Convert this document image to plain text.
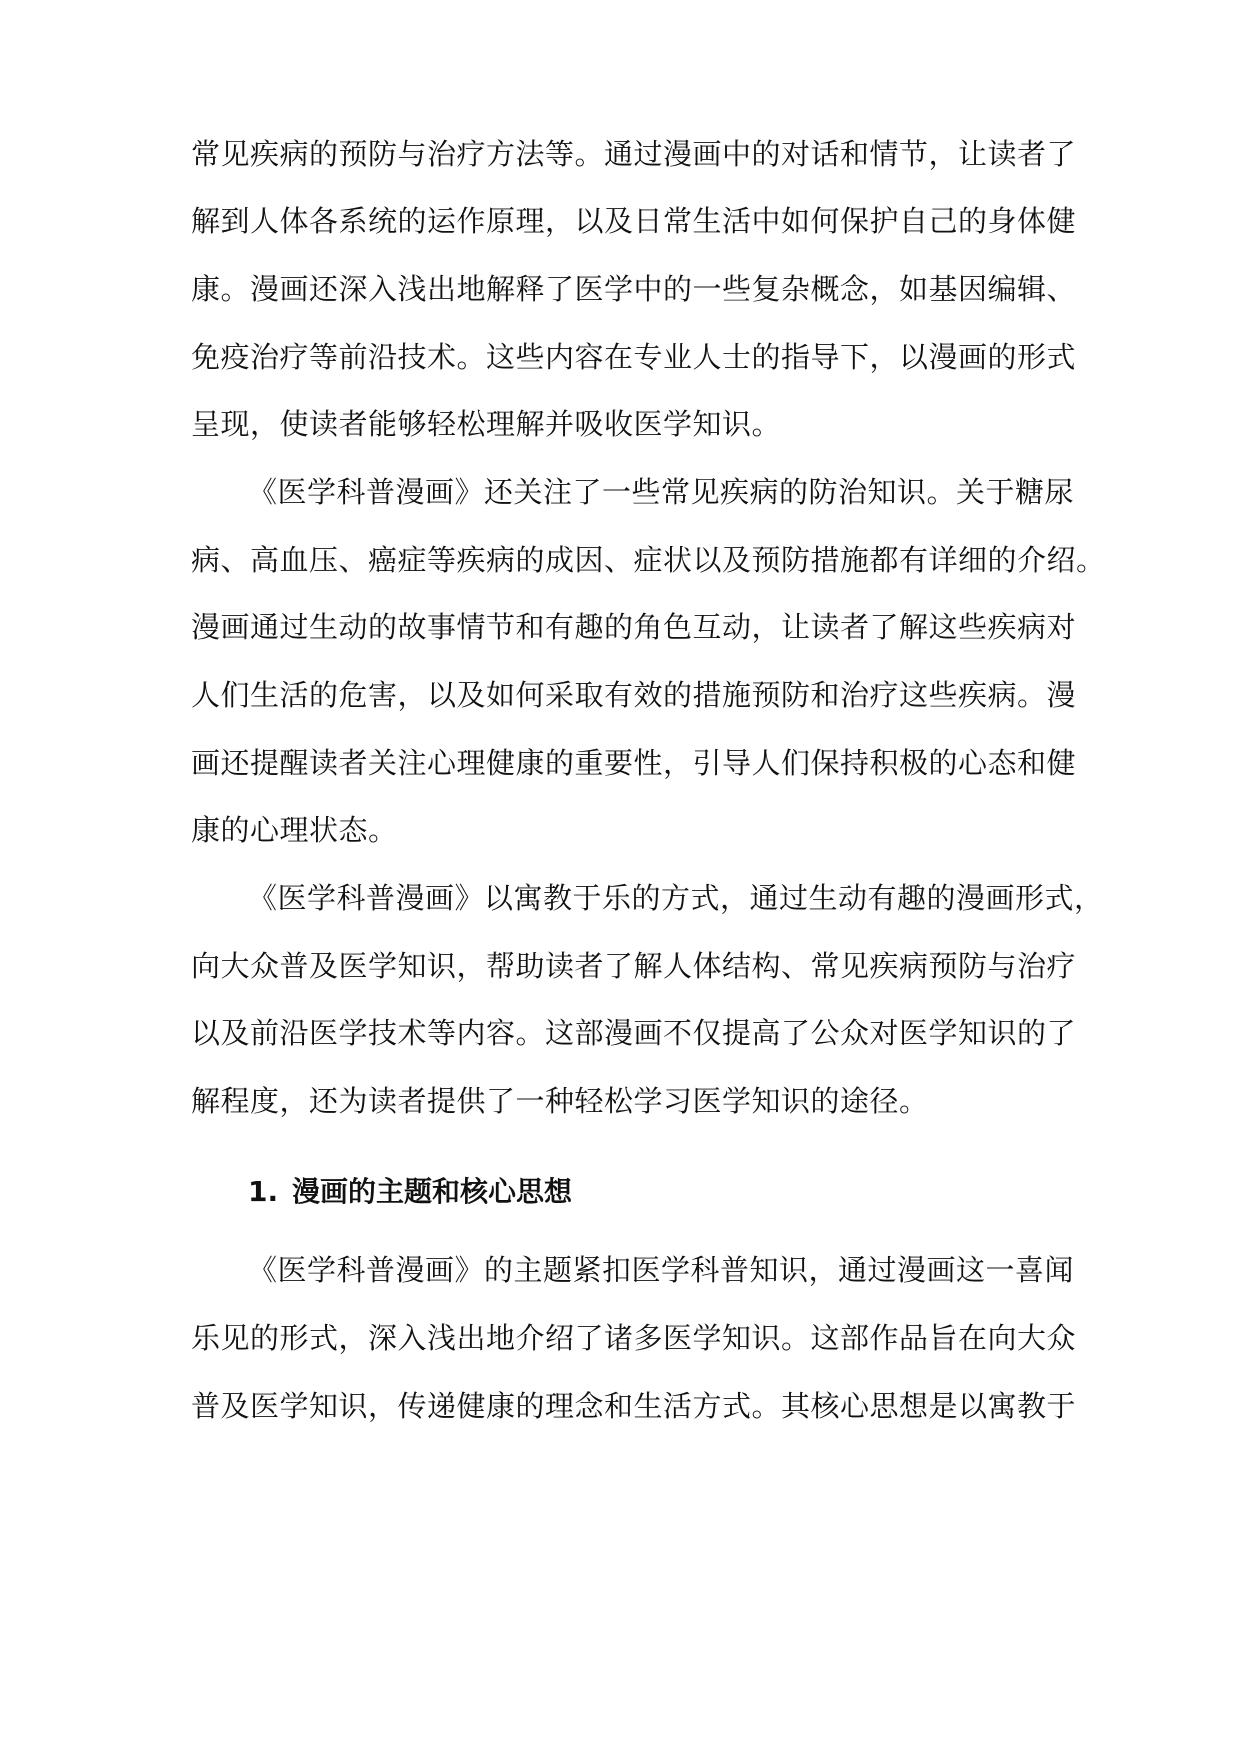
常见疾病的预防与治疗方法等。通过漫画中的对话和情节，让读者了
解到人体各系统的运作原理，以及日常生活中如何保护自己的身体健
康。漫画还深入浅出地解释了医学中的一些复杂概念，如基因编辑、
免疫治疗等前沿技术。这些内容在专业人士的指导下，以漫画的形式
呈现，使读者能够轻松理解并吸收医学知识。
《医学科普漫画》还关注了一些常见疾病的防治知识。关于糖尿
病、高血压、癌症等疾病的成因、症状以及预防措施都有详细的介绍。
漫画通过生动的故事情节和有趣的角色互动，让读者了解这些疾病对
人们生活的危害，以及如何采取有效的措施预防和治疗这些疾病。漫
画还提醒读者关注心理健康的重要性，引导人们保持积极的心态和健
康的心理状态。
《医学科普漫画》以寓教于乐的方式，通过生动有趣的漫画形式，
向大众普及医学知识，帮助读者了解人体结构、常见疾病预防与治疗
以及前沿医学技术等内容。这部漫画不仅提高了公众对医学知识的了
解程度，还为读者提供了一种轻松学习医学知识的途径。
1. 漫画的主题和核心思想
《医学科普漫画》的主题紧扣医学科普知识，通过漫画这一喜闻
乐见的形式，深入浅出地介绍了诸多医学知识。这部作品旨在向大众
普及医学知识，传递健康的理念和生活方式。其核心思想是以寓教于
